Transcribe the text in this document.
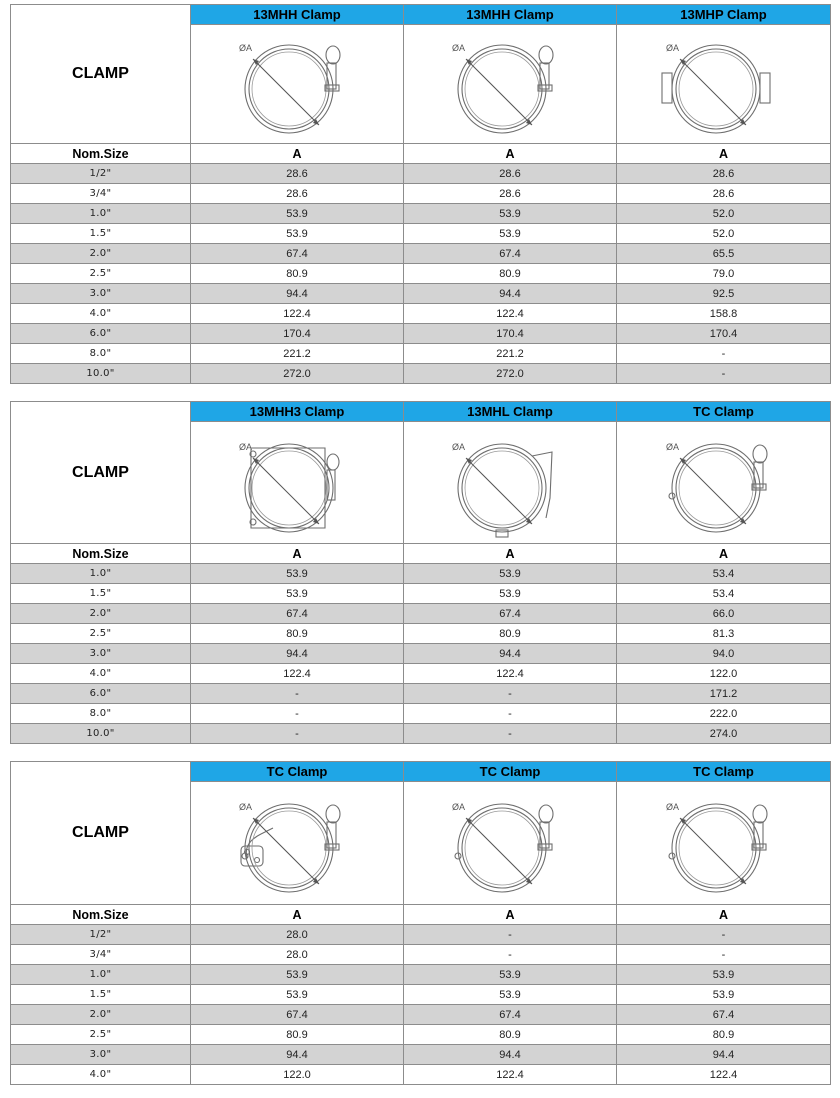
CLAMP	13MHH Clamp	13MHH Clamp	13MHP Clamp

ØA	ØA	ØA

Nom.Size	A	A	A
1/2"	28.6	28.6	28.6
3/4"	28.6	28.6	28.6
1.0"	53.9	53.9	52.0
1.5"	53.9	53.9	52.0
2.0"	67.4	67.4	65.5
2.5"	80.9	80.9	79.0
3.0"	94.4	94.4	92.5
4.0"	122.4	122.4	158.8
6.0"	170.4	170.4	170.4
8.0"	221.2	221.2	-
10.0"	272.0	272.0	-
CLAMP	13MHH3 Clamp	13MHL Clamp	TC Clamp

ØA	ØA	ØA

Nom.Size	A	A	A
1.0"	53.9	53.9	53.4
1.5"	53.9	53.9	53.4
2.0"	67.4	67.4	66.0
2.5"	80.9	80.9	81.3
3.0"	94.4	94.4	94.0
4.0"	122.4	122.4	122.0
6.0"	-	-	171.2
8.0"	-	-	222.0
10.0"	-	-	274.0
CLAMP	TC Clamp	TC Clamp	TC Clamp

ØA	ØA	ØA

Nom.Size	A	A	A
1/2"	28.0	-	-
3/4"	28.0	-	-
1.0"	53.9	53.9	53.9
1.5"	53.9	53.9	53.9
2.0"	67.4	67.4	67.4
2.5"	80.9	80.9	80.9
3.0"	94.4	94.4	94.4
4.0"	122.0	122.4	122.4
